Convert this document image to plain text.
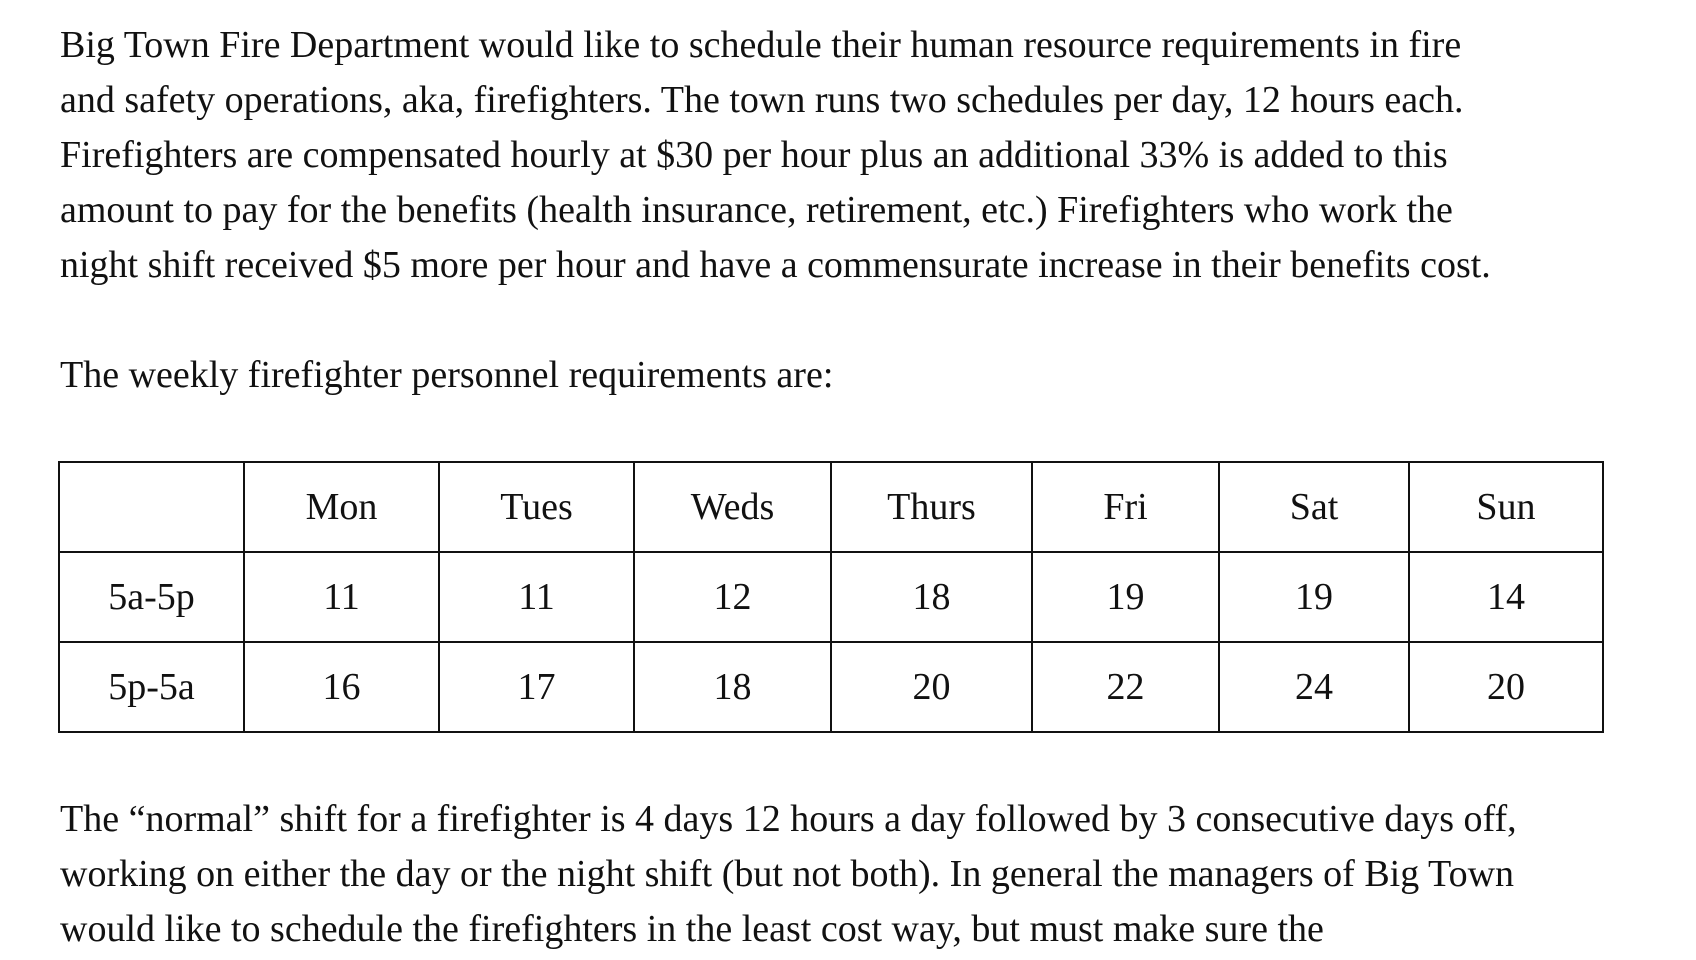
Big Town Fire Department would like to schedule their human resource requirements in fire
and safety operations, aka, firefighters. The town runs two schedules per day, 12 hours each.
Firefighters are compensated hourly at $30 per hour plus an additional 33% is added to this
amount to pay for the benefits (health insurance, retirement, etc.) Firefighters who work the
night shift received $5 more per hour and have a commensurate increase in their benefits cost.

The weekly firefighter personnel requirements are:

	Mon	Tues	Weds	Thurs	Fri	Sat	Sun
5a-5p	11	11	12	18	19	19	14
5p-5a	16	17	18	20	22	24	20

The “normal” shift for a firefighter is 4 days 12 hours a day followed by 3 consecutive days off,
working on either the day or the night shift (but not both). In general the managers of Big Town
would like to schedule the firefighters in the least cost way, but must make sure the
